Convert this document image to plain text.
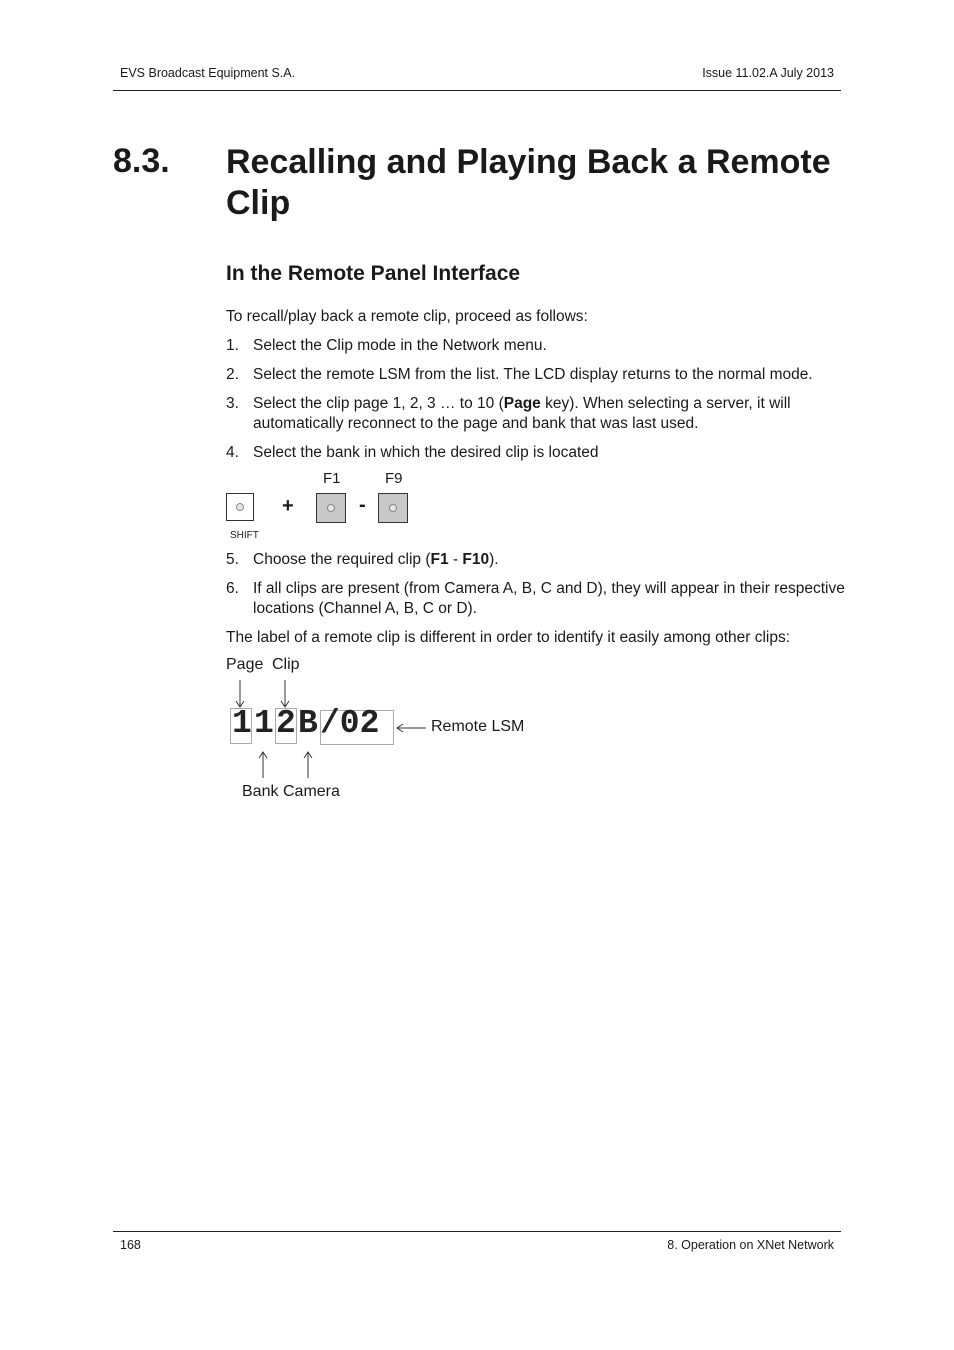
EVS Broadcast Equipment S.A.	Issue 11.02.A July 2013
8.3. Recalling and Playing Back a Remote Clip
In the Remote Panel Interface
To recall/play back a remote clip, proceed as follows:
1. Select the Clip mode in the Network menu.
2. Select the remote LSM from the list. The LCD display returns to the normal mode.
3. Select the clip page 1, 2, 3 … to 10 (Page key). When selecting a server, it will automatically reconnect to the page and bank that was last used.
4. Select the bank in which the desired clip is located
SHIFT
+
F1
-
F9
5. Choose the required clip (F1 - F10).
6. If all clips are present (from Camera A, B, C and D), they will appear in their respective locations (Channel A, B, C or D).
The label of a remote clip is different in order to identify it easily among other clips:
Page Clip
1 1 2 B /02	Remote LSM
Bank Camera
168	8. Operation on XNet Network
